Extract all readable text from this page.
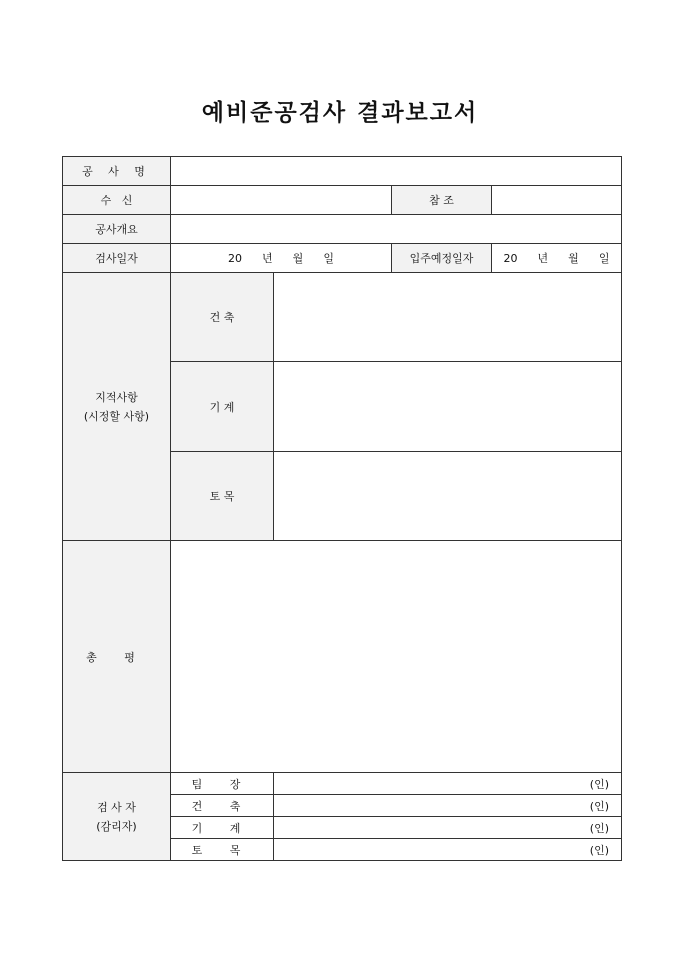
예비준공검사 결과보고서
공 사 명				
수   신			참 조	
공사개요				
검사일자	20 년 월 일		입주예정일자	20 년 월 일

지적사항
(시정할 사항)	건 축			
	기 계			
	토 목			
총 평				

검 사 자
(감리자)	팀 장	(인)		
	건 축	(인)		
	기 계	(인)		
	토 목	(인)		
